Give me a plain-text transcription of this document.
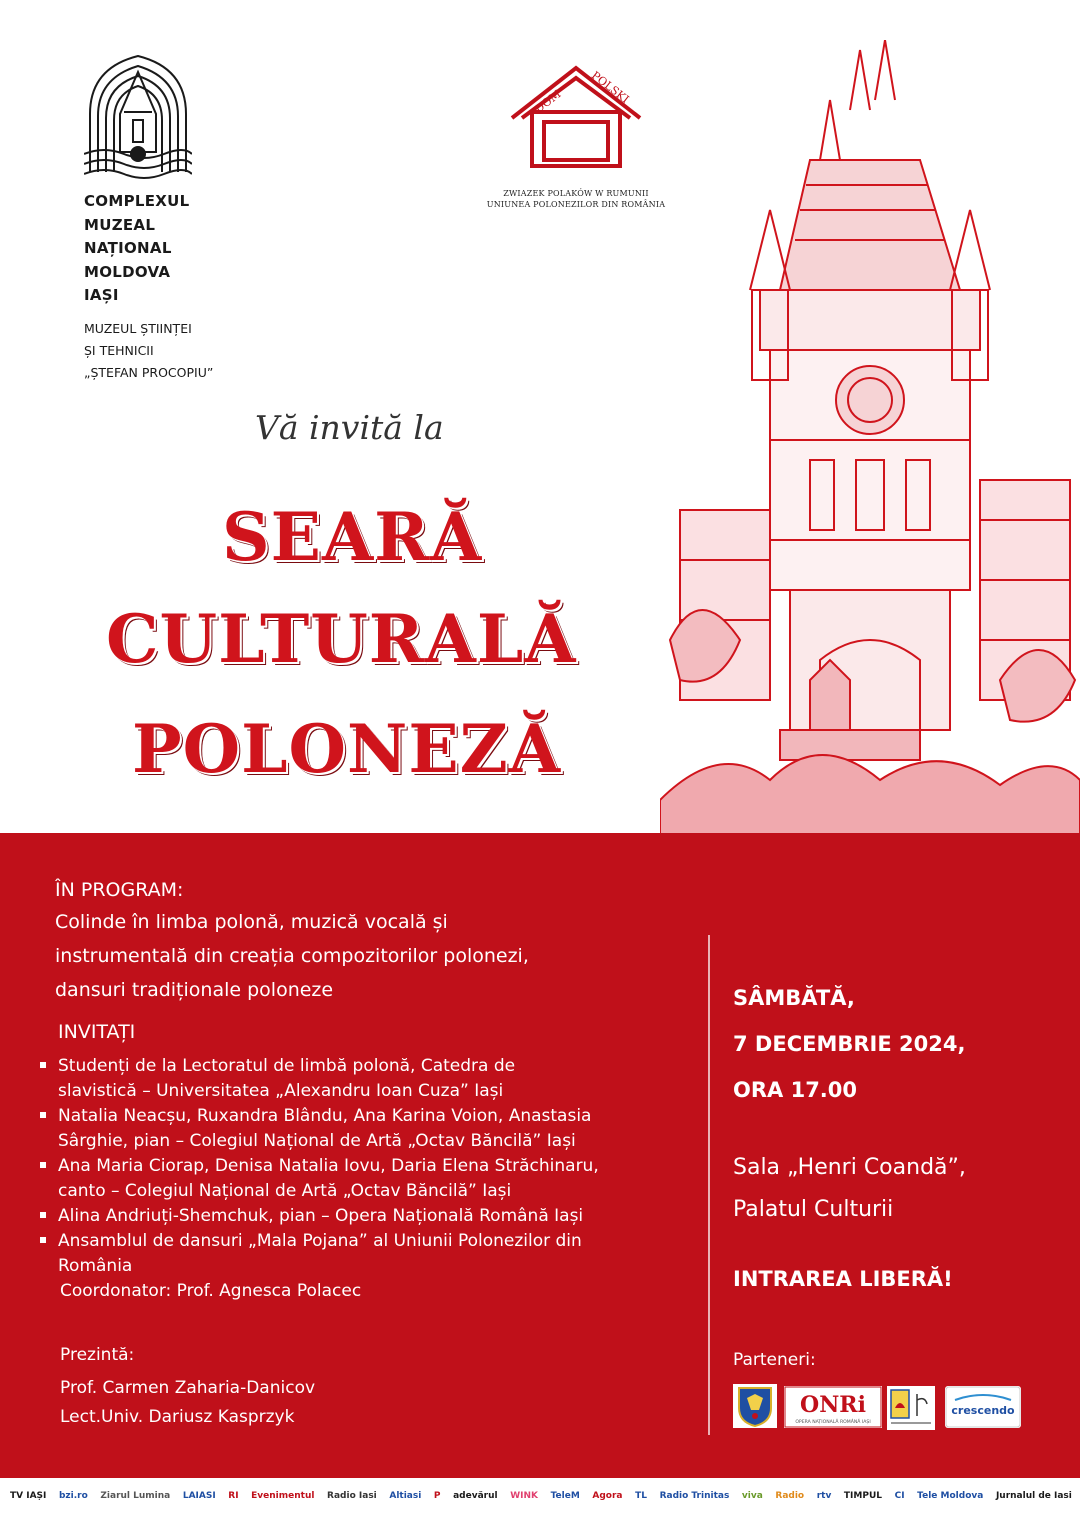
COMPLEXUL
MUZEAL
NAȚIONAL
MOLDOVA
IAȘI
MUZEUL ȘTIINȚEI
ȘI TEHNICII
„ȘTEFAN PROCOPIU”
DOM POLSKI
ZWIAZEK POLAKÓW W RUMUNII
UNIUNEA POLONEZILOR DIN ROMÂNIA
Vă invită la
SEARĂ
CULTURALĂ
POLONEZĂ
ÎN PROGRAM:
Colinde în limba polonă, muzică vocală și
instrumentală din creația compozitorilor polonezi,
dansuri tradiționale poloneze
INVITAȚI
Studenți de la Lectoratul de limbă polonă, Catedra de
slavistică – Universitatea „Alexandru Ioan Cuza” Iași
Natalia Neacșu, Ruxandra Blându, Ana Karina Voion, Anastasia
Sârghie, pian – Colegiul Național de Artă „Octav Băncilă” Iași
Ana Maria Ciorap, Denisa Natalia Iovu, Daria Elena Străchinaru,
canto – Colegiul Național de Artă „Octav Băncilă” Iași
Alina Andriuți-Shemchuk, pian – Opera Națională Română Iași
Ansamblul de dansuri „Mala Pojana” al Uniunii Polonezilor din
România
Coordonator: Prof. Agnesca Polacec
Prezintă:
Prof. Carmen Zaharia-Danicov
Lect.Univ. Dariusz Kasprzyk
SÂMBĂTĂ,
7 DECEMBRIE 2024,
ORA 17.00
Sala „Henri Coandă”,
Palatul Culturii
INTRAREA LIBERĂ!
Parteneri:
ONRi
OPERA NAȚIONALĂ ROMÂNĂ IAȘI
crescendo
TV IAȘI bzi.ro Ziarul Lumina LAIASI RI Evenimentul Radio Iasi Altiasi P adevărul WINK TeleM Agora TL Radio Trinitas viva Radio rtv TIMPUL CI Tele Moldova Jurnalul de Iasi
